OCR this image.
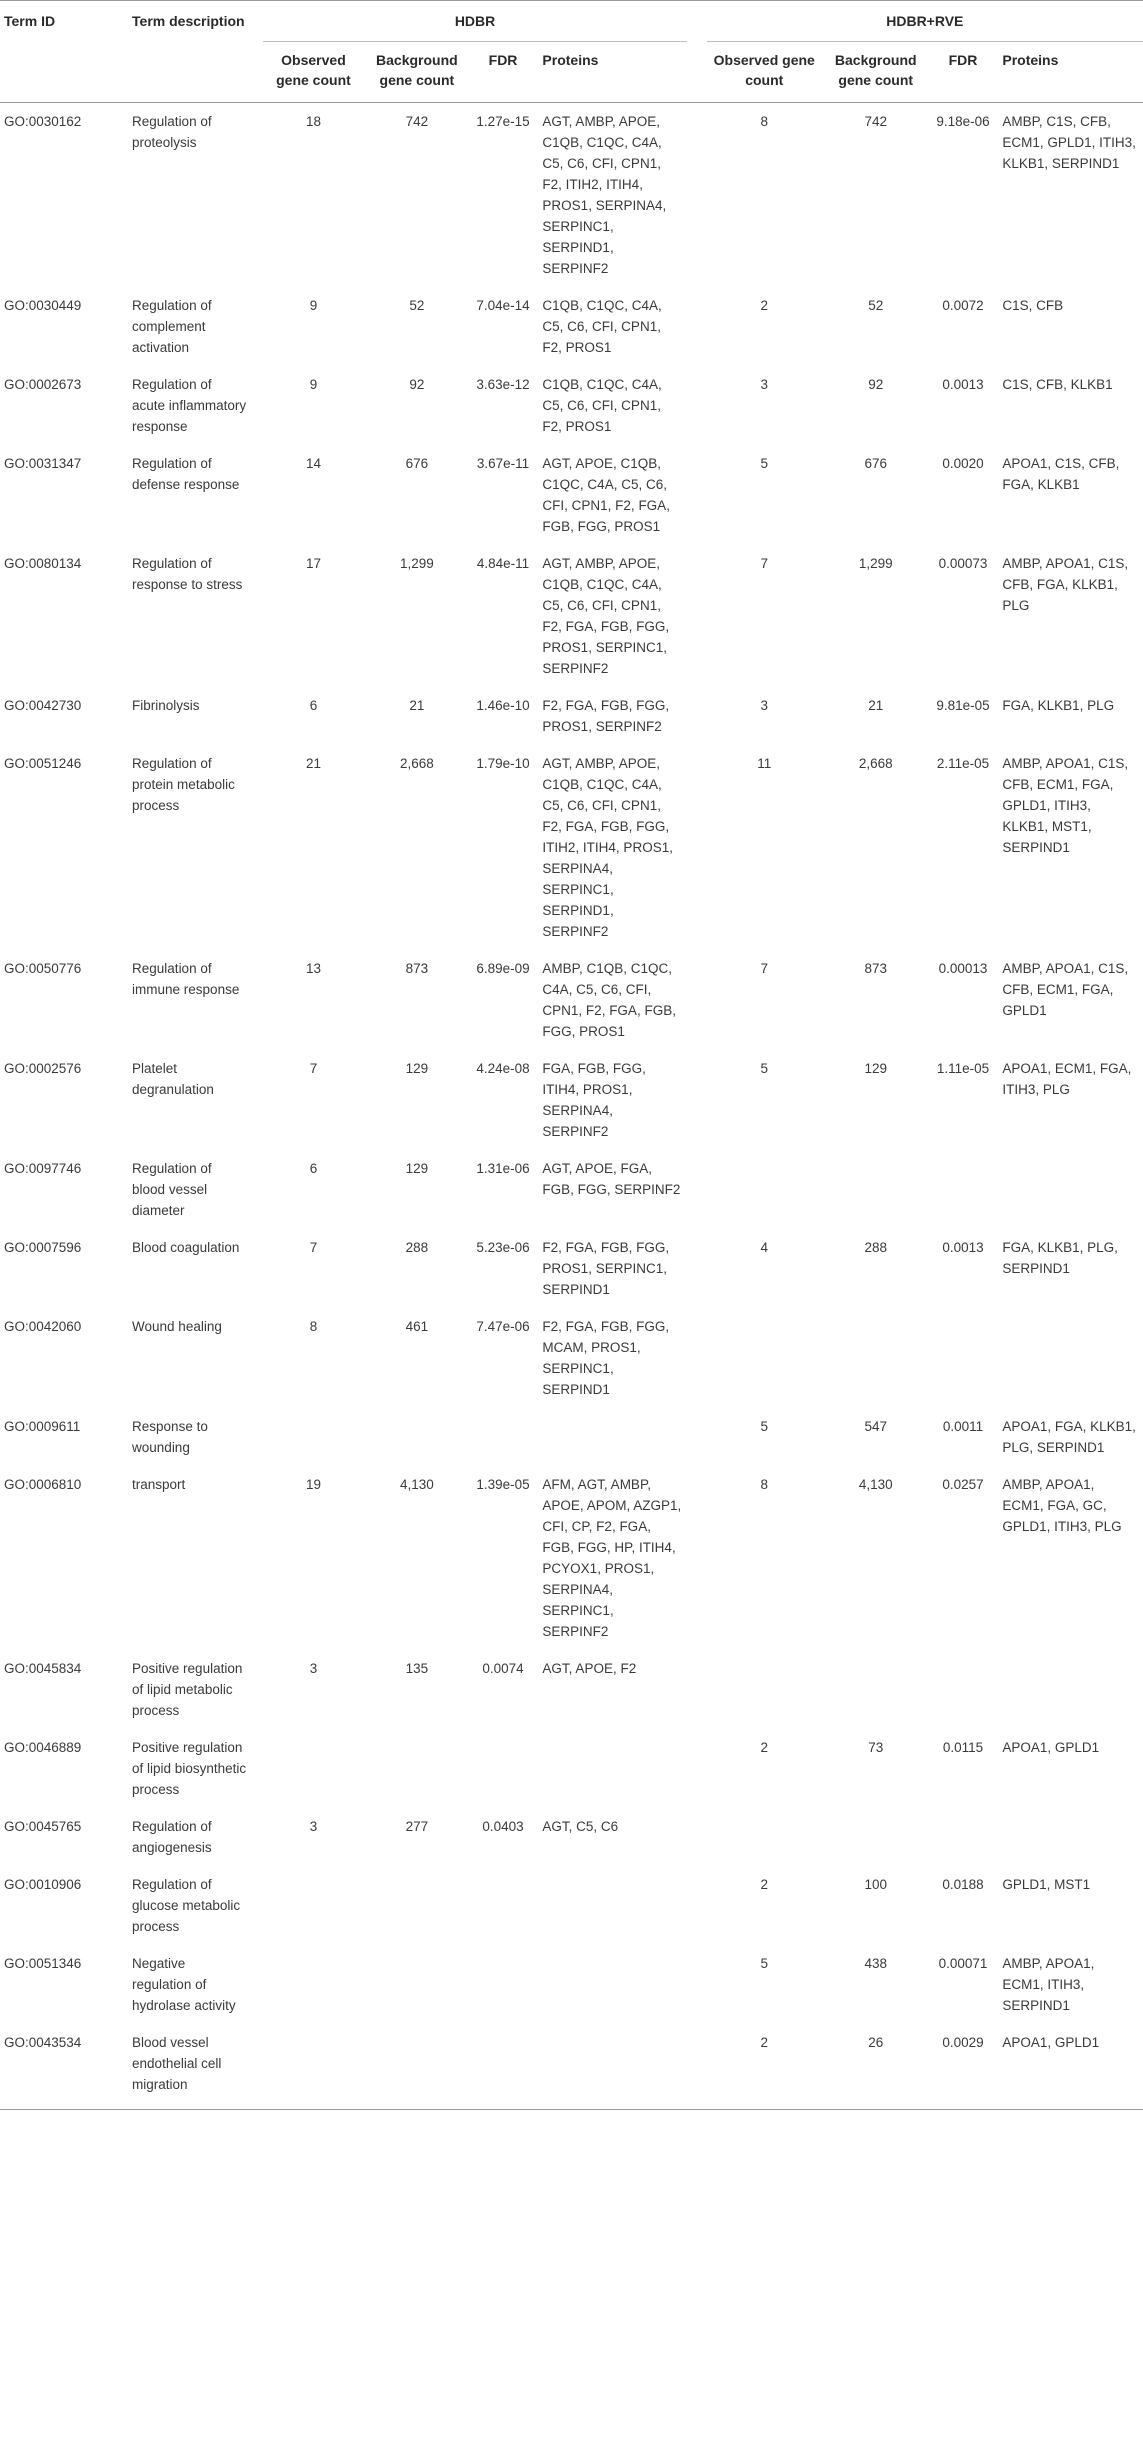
Term ID	Term description		HDBR					HDBR+RVE			
			Observed gene count	Background gene count	FDR	Proteins		Observed gene count	Background gene count	FDR	Proteins
GO:0030162	Regulation of proteolysis		18	742	1.27e-15	AGT, AMBP, APOE, C1QB, C1QC, C4A, C5, C6, CFI, CPN1, F2, ITIH2, ITIH4, PROS1, SERPINA4, SERPINC1, SERPIND1, SERPINF2		8	742	9.18e-06	AMBP, C1S, CFB, ECM1, GPLD1, ITIH3, KLKB1, SERPIND1
GO:0030449	Regulation of complement activation		9	52	7.04e-14	C1QB, C1QC, C4A, C5, C6, CFI, CPN1, F2, PROS1		2	52	0.0072	C1S, CFB
GO:0002673	Regulation of acute inflammatory response		9	92	3.63e-12	C1QB, C1QC, C4A, C5, C6, CFI, CPN1, F2, PROS1		3	92	0.0013	C1S, CFB, KLKB1
GO:0031347	Regulation of defense response		14	676	3.67e-11	AGT, APOE, C1QB, C1QC, C4A, C5, C6, CFI, CPN1, F2, FGA, FGB, FGG, PROS1		5	676	0.0020	APOA1, C1S, CFB, FGA, KLKB1
GO:0080134	Regulation of response to stress		17	1,299	4.84e-11	AGT, AMBP, APOE, C1QB, C1QC, C4A, C5, C6, CFI, CPN1, F2, FGA, FGB, FGG, PROS1, SERPINC1, SERPINF2		7	1,299	0.00073	AMBP, APOA1, C1S, CFB, FGA, KLKB1, PLG
GO:0042730	Fibrinolysis		6	21	1.46e-10	F2, FGA, FGB, FGG, PROS1, SERPINF2		3	21	9.81e-05	FGA, KLKB1, PLG
GO:0051246	Regulation of protein metabolic process		21	2,668	1.79e-10	AGT, AMBP, APOE, C1QB, C1QC, C4A, C5, C6, CFI, CPN1, F2, FGA, FGB, FGG, ITIH2, ITIH4, PROS1, SERPINA4, SERPINC1, SERPIND1, SERPINF2		11	2,668	2.11e-05	AMBP, APOA1, C1S, CFB, ECM1, FGA, GPLD1, ITIH3, KLKB1, MST1, SERPIND1
GO:0050776	Regulation of immune response		13	873	6.89e-09	AMBP, C1QB, C1QC, C4A, C5, C6, CFI, CPN1, F2, FGA, FGB, FGG, PROS1		7	873	0.00013	AMBP, APOA1, C1S, CFB, ECM1, FGA, GPLD1
GO:0002576	Platelet degranulation		7	129	4.24e-08	FGA, FGB, FGG, ITIH4, PROS1, SERPINA4, SERPINF2		5	129	1.11e-05	APOA1, ECM1, FGA, ITIH3, PLG
GO:0097746	Regulation of blood vessel diameter		6	129	1.31e-06	AGT, APOE, FGA, FGB, FGG, SERPINF2					
GO:0007596	Blood coagulation		7	288	5.23e-06	F2, FGA, FGB, FGG, PROS1, SERPINC1, SERPIND1		4	288	0.0013	FGA, KLKB1, PLG, SERPIND1
GO:0042060	Wound healing		8	461	7.47e-06	F2, FGA, FGB, FGG, MCAM, PROS1, SERPINC1, SERPIND1					
GO:0009611	Response to wounding							5	547	0.0011	APOA1, FGA, KLKB1, PLG, SERPIND1
GO:0006810	transport		19	4,130	1.39e-05	AFM, AGT, AMBP, APOE, APOM, AZGP1, CFI, CP, F2, FGA, FGB, FGG, HP, ITIH4, PCYOX1, PROS1, SERPINA4, SERPINC1, SERPINF2		8	4,130	0.0257	AMBP, APOA1, ECM1, FGA, GC, GPLD1, ITIH3, PLG
GO:0045834	Positive regulation of lipid metabolic process		3	135	0.0074	AGT, APOE, F2					
GO:0046889	Positive regulation of lipid biosynthetic process							2	73	0.0115	APOA1, GPLD1
GO:0045765	Regulation of angiogenesis		3	277	0.0403	AGT, C5, C6					
GO:0010906	Regulation of glucose metabolic process							2	100	0.0188	GPLD1, MST1
GO:0051346	Negative regulation of hydrolase activity							5	438	0.00071	AMBP, APOA1, ECM1, ITIH3, SERPIND1
GO:0043534	Blood vessel endothelial cell migration							2	26	0.0029	APOA1, GPLD1
